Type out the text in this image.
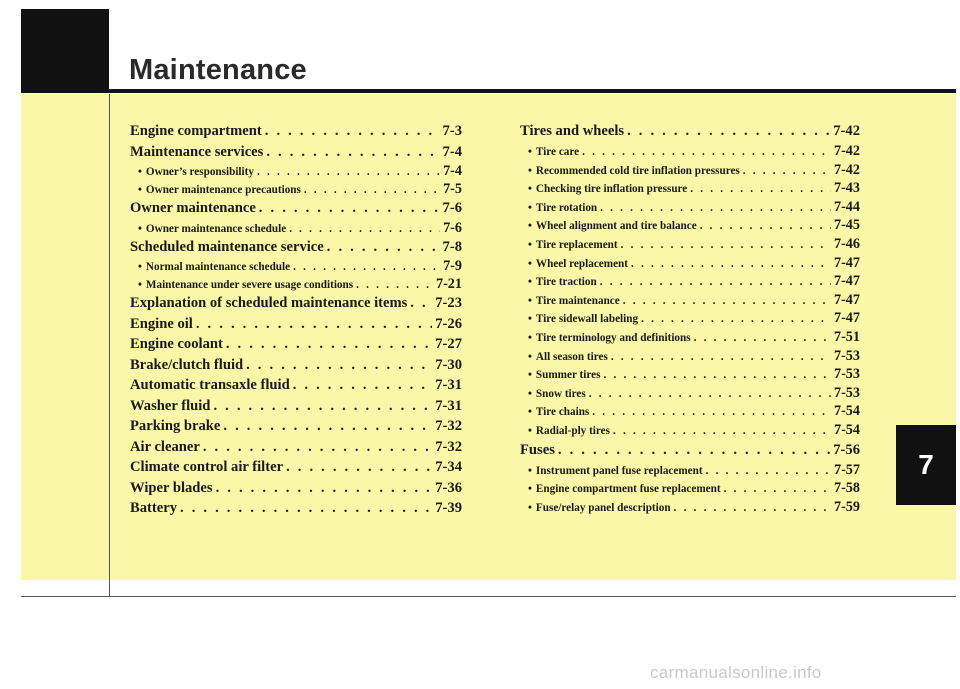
Maintenance
Engine compartment . . .	7-3
Maintenance services . . .	7-4
• Owner’s responsibility . . .	7-4
• Owner maintenance precautions . . .	7-5
Owner maintenance . . .	7-6
• Owner maintenance schedule . . .	7-6
Scheduled maintenance service . . .	7-8
• Normal maintenance schedule . . .	7-9
• Maintenance under severe usage conditions . . .	7-21
Explanation of scheduled maintenance items . . . 7-23
Engine oil . . .	7-26
Engine coolant . . .	7-27
Brake/clutch fluid . . .	7-30
Automatic transaxle fluid . . .	7-31
Washer fluid . . .	7-31
Parking brake . . .	7-32
Air cleaner . . .	7-32
Climate control air filter . . .	7-34
Wiper blades . . .	7-36
Battery . . .	7-39
Tires and wheels . . .	7-42
• Tire care . . .	7-42
• Recommended cold tire inflation pressures . . .	7-42
• Checking tire inflation pressure . . .	7-43
• Tire rotation . . .	7-44
• Wheel alignment and tire balance . . .	7-45
• Tire replacement . . .	7-46
• Wheel replacement . . .	7-47
• Tire traction . . .	7-47
• Tire maintenance . . .	7-47
• Tire sidewall labeling . . .	7-47
• Tire terminology and definitions . . .	7-51
• All season tires . . .	7-53
• Summer tires . . .	7-53
• Snow tires . . .	7-53
• Tire chains . . .	7-54
• Radial-ply tires . . .	7-54
Fuses . . .	7-56
• Instrument panel fuse replacement . . .	7-57
• Engine compartment fuse replacement . . .	7-58
• Fuse/relay panel description . . .	7-59
7
carmanualsonline.info
